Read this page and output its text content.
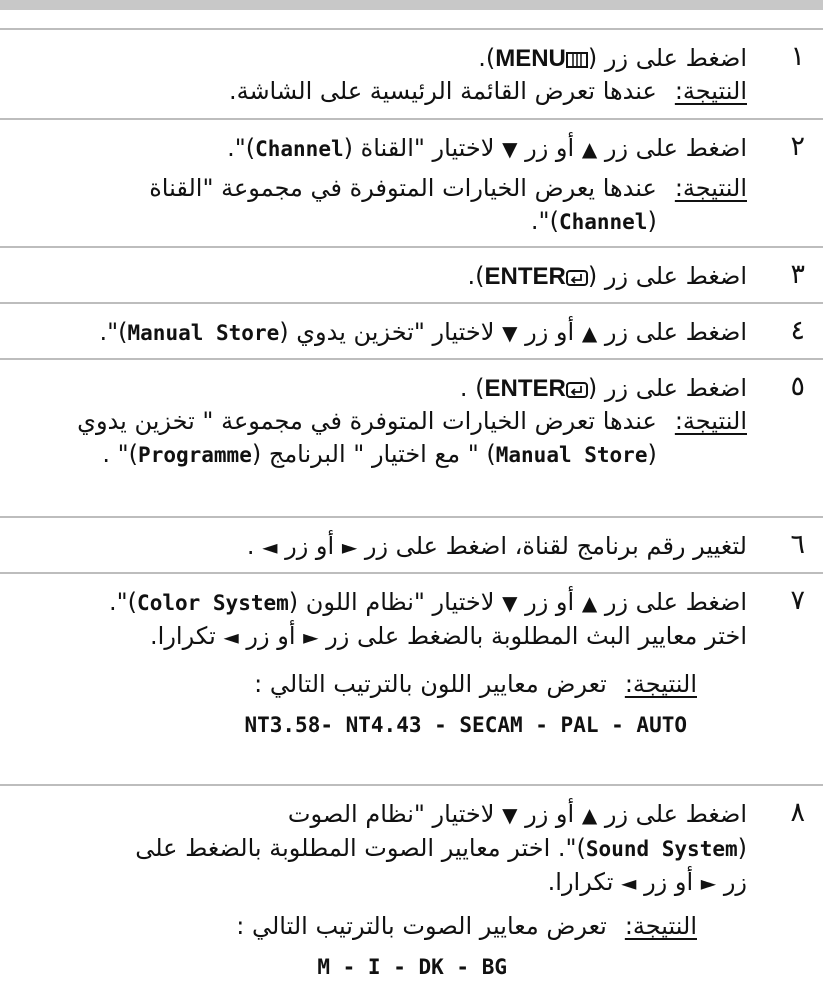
١

اضغط على زر (MENU).

النتيجة:
عندها تعرض القائمة الرئيسية على الشاشة.
٢

اضغط على زر ▲ أو زر ▼ لاختيار "القناة (Channel)".

النتيجة:
عندها يعرض الخيارات المتوفرة في مجموعة "القناة (Channel)".
٣

اضغط على زر (ENTER).

٤

اضغط على زر ▲ أو زر ▼ لاختيار "تخزين يدوي (Manual Store)".

٥

اضغط على زر (ENTER) .

النتيجة:
عندها تعرض الخيارات المتوفرة في مجموعة " تخزين يدوي (Manual Store) " مع اختيار " البرنامج (Programme)" .
٦

لتغيير رقم برنامج لقناة، اضغط على زر ► أو زر ◄ .

٧

اضغط على زر ▲ أو زر ▼ لاختيار "نظام اللون (Color System)".

اختر معايير البث المطلوبة بالضغط على زر ► أو زر ◄ تكرارا.

النتيجة:
تعرض معايير اللون بالترتيب التالي :
NT3.58- NT4.43 - SECAM - PAL - AUTO
٨

اضغط على زر ▲ أو زر ▼ لاختيار "نظام الصوت

(Sound System)". اختر معايير الصوت المطلوبة بالضغط على

زر ► أو زر ◄ تكرارا.

النتيجة:
تعرض معايير الصوت بالترتيب التالي :
M - I - DK - BG
